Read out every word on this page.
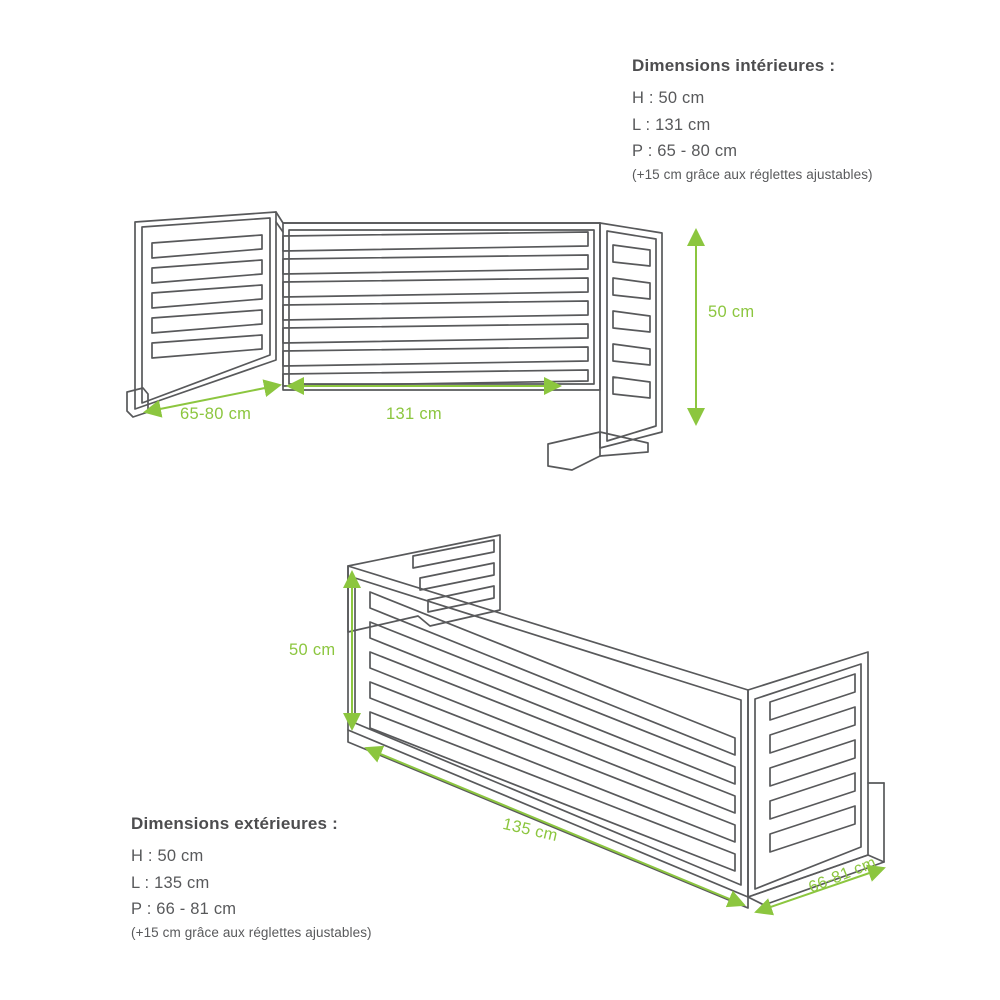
50 cm
65-80 cm	131 cm
50 cm
135 cm
66-81 cm
Dimensions intérieures :
H : 50 cm
L : 131 cm
P : 65 - 80 cm
(+15 cm grâce aux réglettes ajustables)
Dimensions extérieures :
H : 50 cm
L : 135 cm
P : 66 - 81 cm
(+15 cm grâce aux réglettes ajustables)
